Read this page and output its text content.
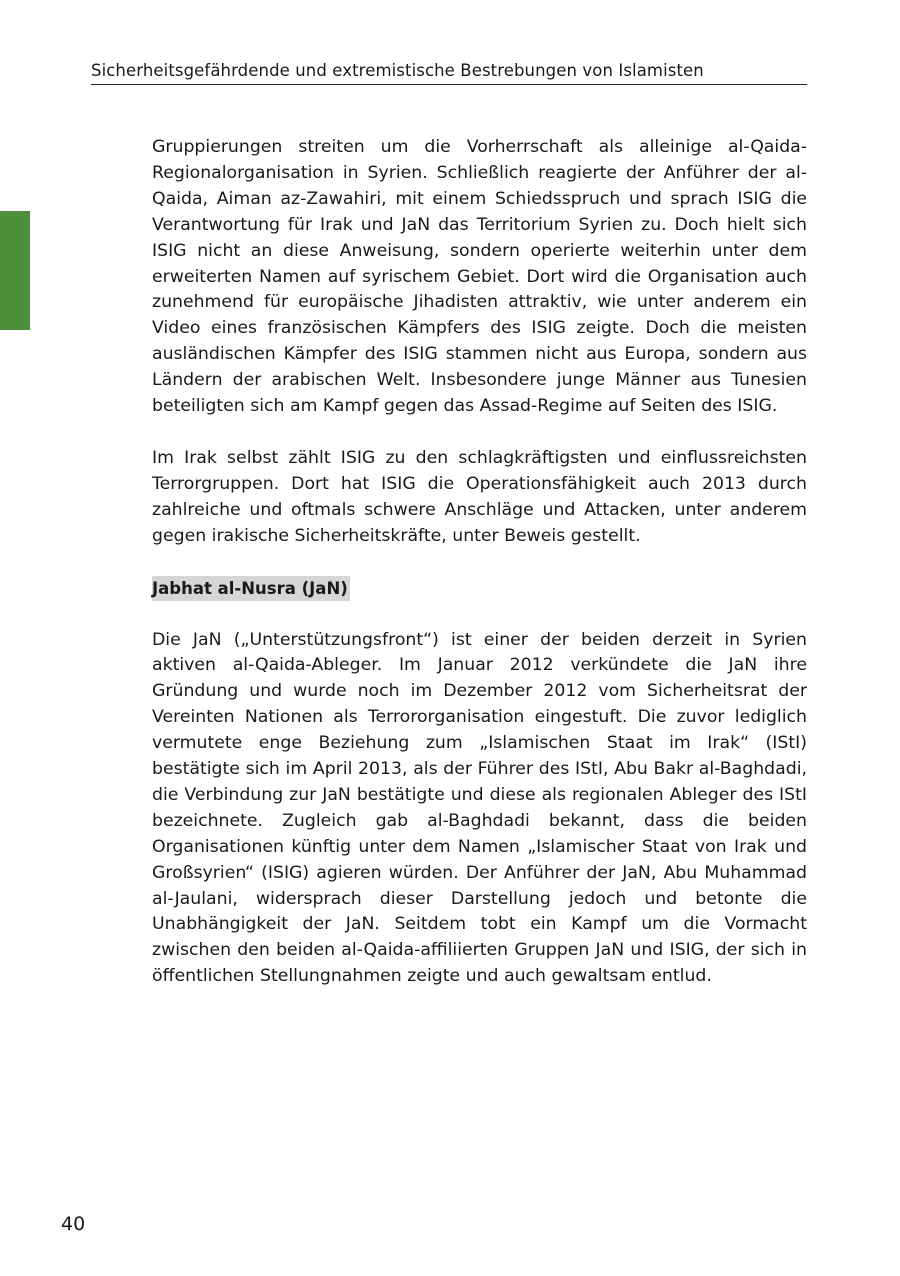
Sicherheitsgefährdende und extremistische Bestrebungen von Islamisten

Gruppierungen streiten um die Vorherrschaft als alleinige al-Qaida-Regionalorganisation in Syrien. Schließlich reagierte der Anführer der al-Qaida, Aiman az-Zawahiri, mit einem Schiedsspruch und sprach ISIG die Verantwortung für Irak und JaN das Territorium Syrien zu. Doch hielt sich ISIG nicht an diese Anweisung, sondern operierte weiterhin unter dem erweiterten Namen auf syrischem Gebiet. Dort wird die Organisation auch zunehmend für europäische Jihadisten attraktiv, wie unter anderem ein Video eines französischen Kämpfers des ISIG zeigte. Doch die meisten ausländischen Kämpfer des ISIG stammen nicht aus Europa, sondern aus Ländern der arabischen Welt. Insbesondere junge Männer aus Tunesien beteiligten sich am Kampf gegen das Assad-Regime auf Seiten des ISIG.

Im Irak selbst zählt ISIG zu den schlagkräftigsten und einflussreichsten Terrorgruppen. Dort hat ISIG die Operationsfähigkeit auch 2013 durch zahlreiche und oftmals schwere Anschläge und Attacken, unter anderem gegen irakische Sicherheitskräfte, unter Beweis gestellt.

Jabhat al-Nusra (JaN)

Die JaN („Unterstützungsfront“) ist einer der beiden derzeit in Syrien aktiven al-Qaida-Ableger. Im Januar 2012 verkündete die JaN ihre Gründung und wurde noch im Dezember 2012 vom Sicherheitsrat der Vereinten Nationen als Terrororganisation eingestuft. Die zuvor lediglich vermutete enge Beziehung zum „Islamischen Staat im Irak“ (IStI) bestätigte sich im April 2013, als der Führer des IStI, Abu Bakr al-Baghdadi, die Verbindung zur JaN bestätigte und diese als regionalen Ableger des IStI bezeichnete. Zugleich gab al-Baghdadi bekannt, dass die beiden Organisationen künftig unter dem Namen „Islamischer Staat von Irak und Großsyrien“ (ISIG) agieren würden. Der Anführer der JaN, Abu Muhammad al-Jaulani, widersprach dieser Darstellung jedoch und betonte die Unabhängigkeit der JaN. Seitdem tobt ein Kampf um die Vormacht zwischen den beiden al-Qaida-affiliierten Gruppen JaN und ISIG, der sich in öffentlichen Stellungnahmen zeigte und auch gewaltsam entlud.

40
